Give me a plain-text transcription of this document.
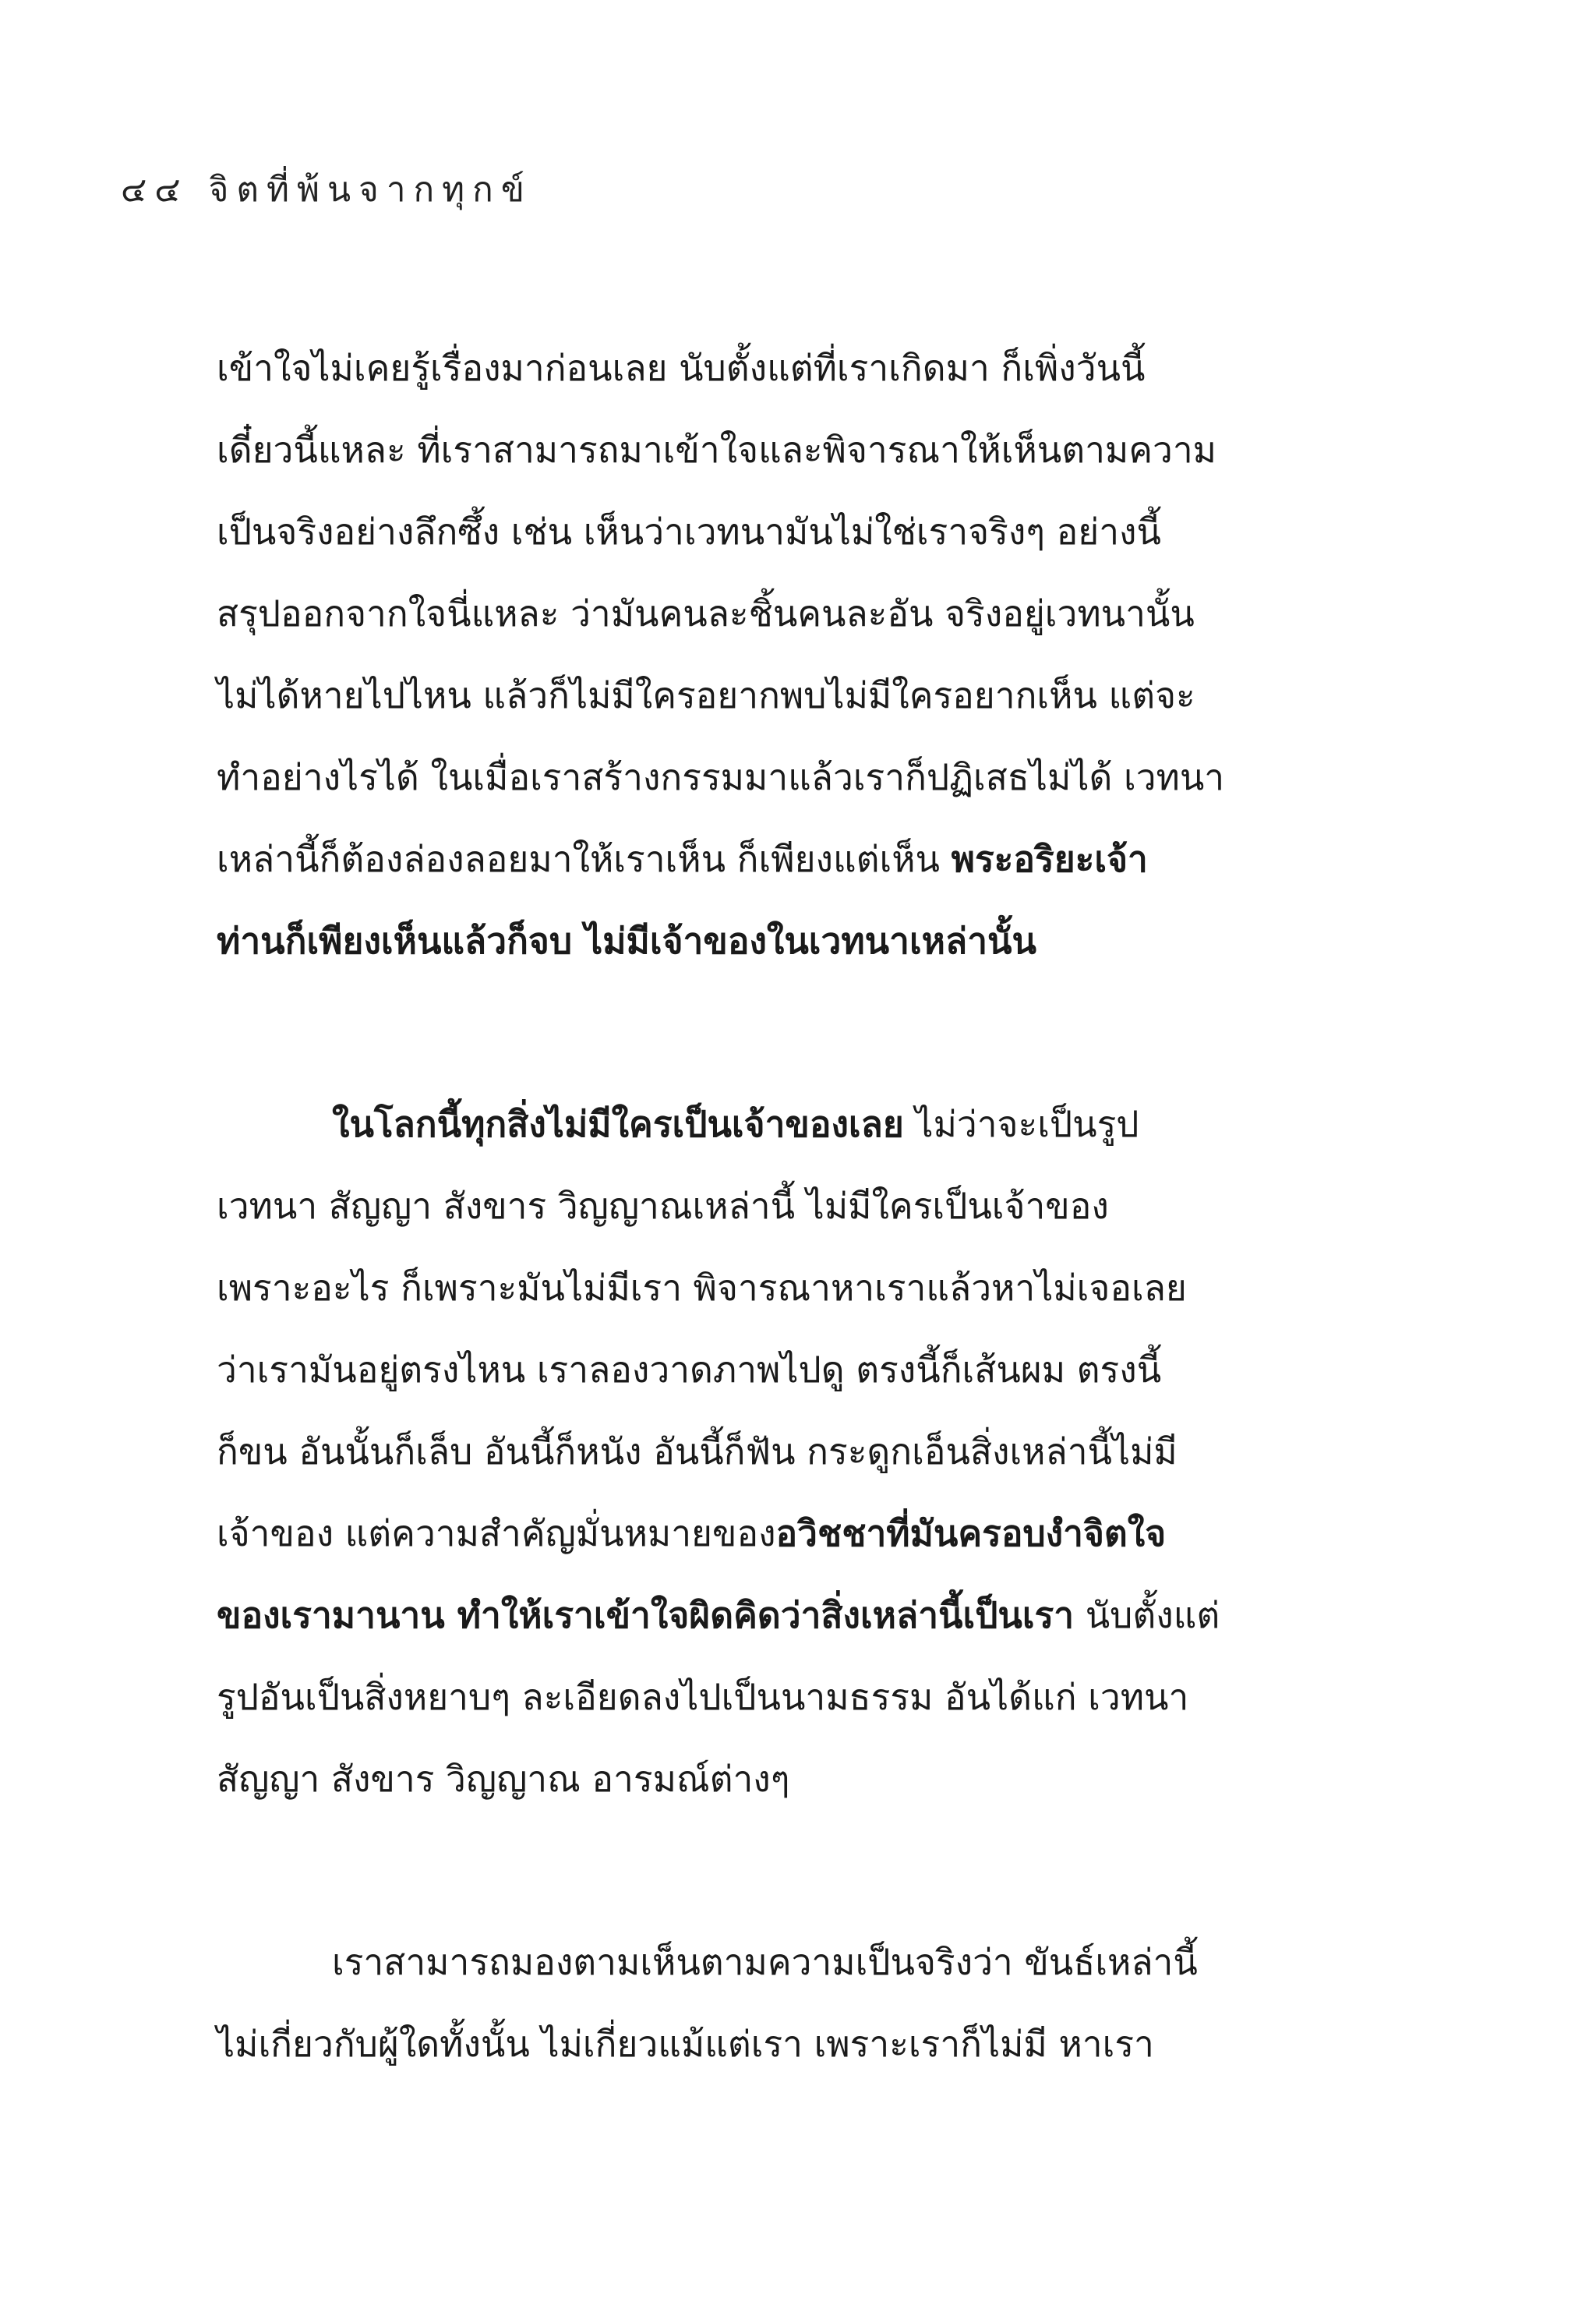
๔๔ จิตที่พ้นจากทุกข์
เข้าใจไม่เคยรู้เรื่องมาก่อนเลย นับตั้งแต่ที่เราเกิดมา ก็เพิ่งวันนี้
เดี๋ยวนี้แหละ ที่เราสามารถมาเข้าใจและพิจารณาให้เห็นตามความ
เป็นจริงอย่างลึกซึ้ง เช่น เห็นว่าเวทนามันไม่ใช่เราจริงๆ อย่างนี้
สรุปออกจากใจนี่แหละ ว่ามันคนละชิ้นคนละอัน จริงอยู่เวทนานั้น
ไม่ได้หายไปไหน แล้วก็ไม่มีใครอยากพบไม่มีใครอยากเห็น แต่จะ
ทำอย่างไรได้ ในเมื่อเราสร้างกรรมมาแล้วเราก็ปฏิเสธไม่ได้ เวทนา
เหล่านี้ก็ต้องล่องลอยมาให้เราเห็น ก็เพียงแต่เห็น พระอริยะเจ้า
ท่านก็เพียงเห็นแล้วก็จบ ไม่มีเจ้าของในเวทนาเหล่านั้น
ในโลกนี้ทุกสิ่งไม่มีใครเป็นเจ้าของเลย ไม่ว่าจะเป็นรูป
เวทนา สัญญา สังขาร วิญญาณเหล่านี้ ไม่มีใครเป็นเจ้าของ
เพราะอะไร ก็เพราะมันไม่มีเรา พิจารณาหาเราแล้วหาไม่เจอเลย
ว่าเรามันอยู่ตรงไหน เราลองวาดภาพไปดู ตรงนี้ก็เส้นผม ตรงนี้
ก็ขน อันนั้นก็เล็บ อันนี้ก็หนัง อันนี้ก็ฟัน กระดูกเอ็นสิ่งเหล่านี้ไม่มี
เจ้าของ แต่ความสำคัญมั่นหมายของอวิชชาที่มันครอบงำจิตใจ
ของเรามานาน ทำให้เราเข้าใจผิดคิดว่าสิ่งเหล่านี้เป็นเรา นับตั้งแต่
รูปอันเป็นสิ่งหยาบๆ ละเอียดลงไปเป็นนามธรรม อันได้แก่ เวทนา
สัญญา สังขาร วิญญาณ อารมณ์ต่างๆ
เราสามารถมองตามเห็นตามความเป็นจริงว่า ขันธ์เหล่านี้
ไม่เกี่ยวกับผู้ใดทั้งนั้น ไม่เกี่ยวแม้แต่เรา เพราะเราก็ไม่มี หาเรา
